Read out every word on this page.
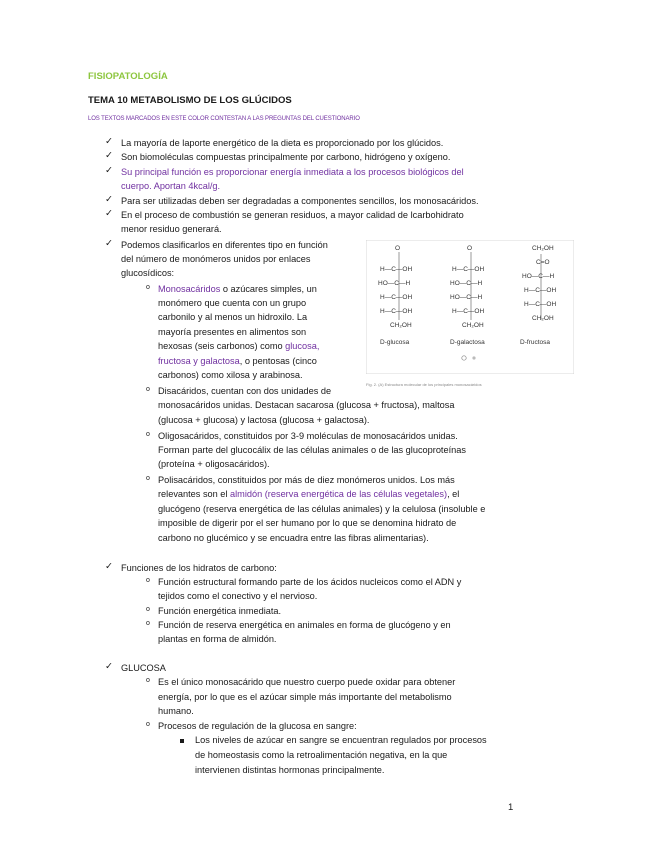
FISIOPATOLOGÍA
TEMA 10 METABOLISMO DE LOS GLÚCIDOS
LOS TEXTOS MARCADOS EN ESTE COLOR CONTESTAN A LAS PREGUNTAS DEL CUESTIONARIO
✓ La mayoría de laporte energético de la dieta es proporcionado por los glúcidos.
✓ Son biomoléculas compuestas principalmente por carbono, hidrógeno y oxígeno.
✓ Su principal función es proporcionar energía inmediata a los procesos biológicos del
cuerpo. Aportan 4kcal/g.
✓ Para ser utilizadas deben ser degradadas a componentes sencillos, los monosacáridos.
✓ En el proceso de combustión se generan residuos, a mayor calidad de lcarbohidrato
menor residuo generará.
✓ Podemos clasificarlos en diferentes tipo en función
del número de monómeros unidos por enlaces
glucosídicos:
o Monosacáridos o azúcares simples, un
monómero que cuenta con un grupo
carbonilo y al menos un hidroxilo. La
mayoría presentes en alimentos son
hexosas (seis carbonos) como glucosa,
fructosa y galactosa, o pentosas (cinco
carbonos) como xilosa y arabinosa.
o Disacáridos, cuentan con dos unidades de
monosacáridos unidas. Destacan sacarosa (glucosa + fructosa), maltosa
(glucosa + glucosa) y lactosa (glucosa + galactosa).
o Oligosacáridos, constituidos por 3-9 moléculas de monosacáridos unidas.
Forman parte del glucocálix de las células animales o de las glucoproteínas
(proteína + oligosacáridos).
o Polisacáridos, constituidos por más de diez monómeros unidos. Los más
relevantes son el almidón (reserva energética de las células vegetales), el
glucógeno (reserva energética de las células animales) y la celulosa (insoluble e
imposible de digerir por el ser humano por lo que se denomina hidrato de
carbono no glucémico y se encuadra entre las fibras alimentarias).
O
H—C—OH
HO—C—H
H—C—OH
H—C—OH
CH₂OH
O
H—C—OH
HO—C—H
HO—C—H
H—C—OH
CH₂OH
CH₂OH
C=O
HO—C—H
H—C—OH
H—C—OH
CH₂OH
D-glucosa	D-galactosa	D-fructosa
Fig. 2. (A) Estructura molecular de los principales monosacáridos
✓ Funciones de los hidratos de carbono:
o Función estructural formando parte de los ácidos nucleicos como el ADN y
tejidos como el conectivo y el nervioso.
o Función energética inmediata.
o Función de reserva energética en animales en forma de glucógeno y en
plantas en forma de almidón.
✓ GLUCOSA
o Es el único monosacárido que nuestro cuerpo puede oxidar para obtener
energía, por lo que es el azúcar simple más importante del metabolismo
humano.
o Procesos de regulación de la glucosa en sangre:
Los niveles de azúcar en sangre se encuentran regulados por procesos
de homeostasis como la retroalimentación negativa, en la que
intervienen distintas hormonas principalmente.
1
